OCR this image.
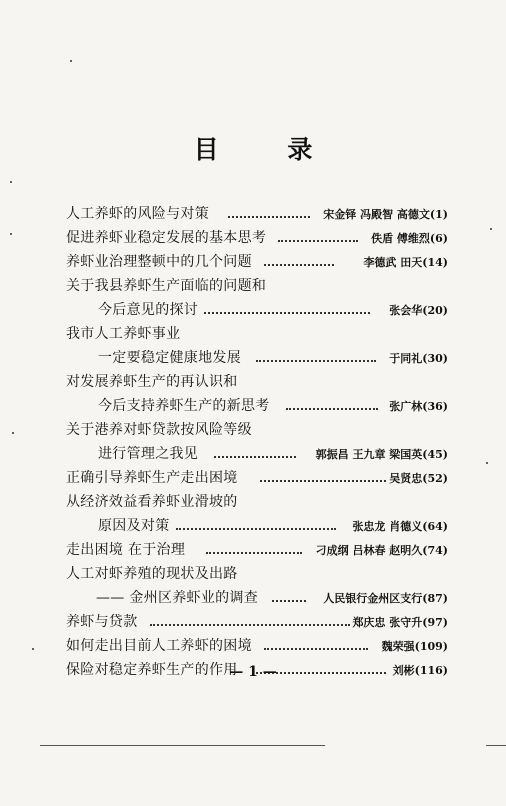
目 录
人工养虾的风险与对策	宋金铎 冯殿智 高德文(1)
促进养虾业稳定发展的基本思考	佚盾 傅维烈(6)
养虾业治理整顿中的几个问题	李德武 田天(14)
关于我县养虾生产面临的问题和
今后意见的探讨	张会华(20)
我市人工养虾事业
一定要稳定健康地发展	于同礼(30)
对发展养虾生产的再认识和
今后支持养虾生产的新思考	张广林(36)
关于港养对虾贷款按风险等级
进行管理之我见	郭振昌 王九章 梁国英(45)
正确引导养虾生产走出困境	吴贤忠(52)
从经济效益看养虾业滑坡的
原因及对策	张忠龙 肖德义(64)
走出困境 在于治理	刁成纲 吕林春 赵明久(74)
人工对虾养殖的现状及出路
—— 金州区养虾业的调查	人民银行金州区支行(87)
养虾与贷款	郑庆忠 张守升(97)
如何走出目前人工养虾的困境	魏荣强(109)
保险对稳定养虾生产的作用	刘彬(116)
— 1 —
